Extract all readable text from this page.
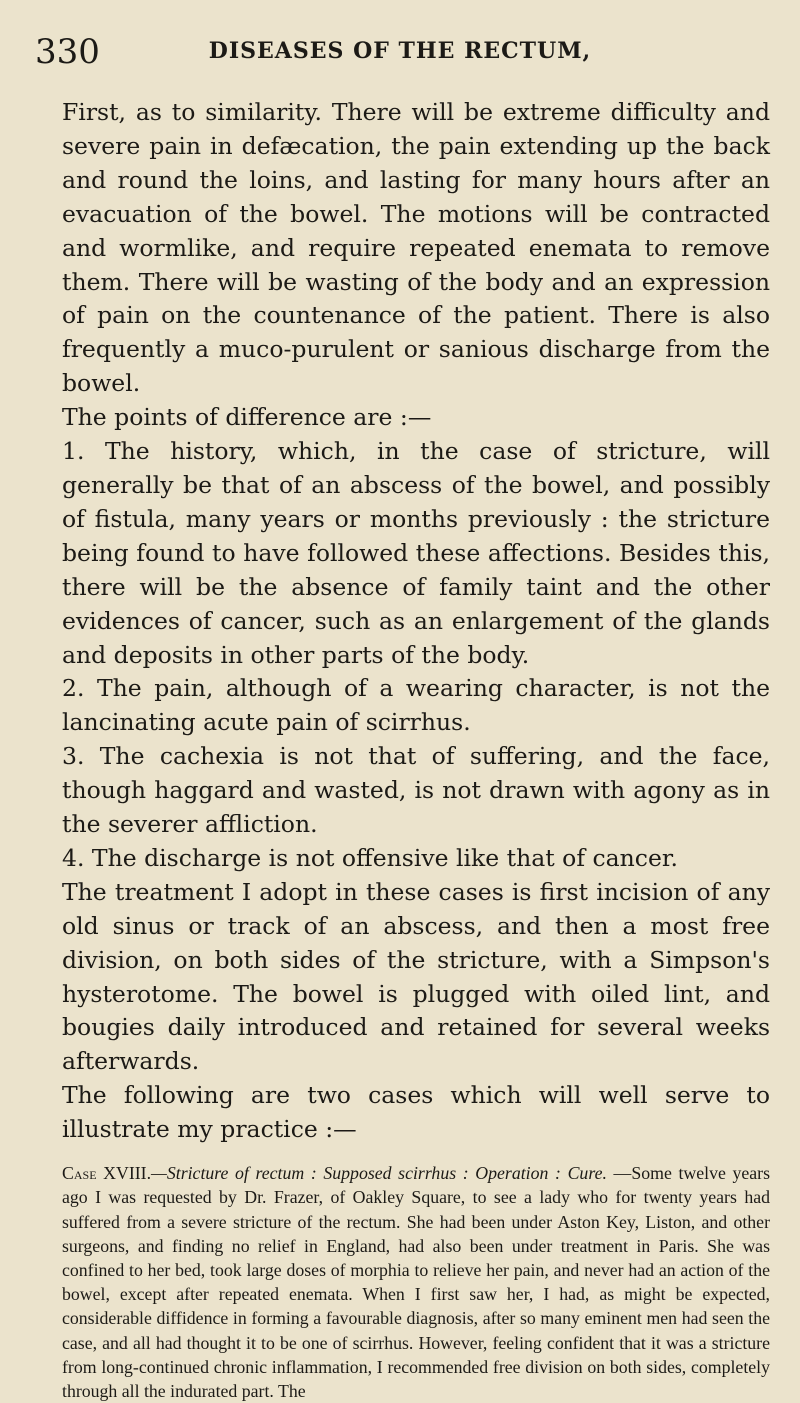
330	DISEASES OF THE RECTUM,

First, as to similarity. There will be extreme difficulty and severe pain in defæcation, the pain extending up the back and round the loins, and lasting for many hours after an evacuation of the bowel. The motions will be contracted and wormlike, and require repeated enemata to remove them. There will be wasting of the body and an expression of pain on the countenance of the patient. There is also frequently a muco-purulent or sanious discharge from the bowel.

The points of difference are :—

1. The history, which, in the case of stricture, will generally be that of an abscess of the bowel, and possibly of fistula, many years or months previously : the stricture being found to have followed these affections. Besides this, there will be the absence of family taint and the other evidences of cancer, such as an enlargement of the glands and deposits in other parts of the body.

2. The pain, although of a wearing character, is not the lancinating acute pain of scirrhus.

3. The cachexia is not that of suffering, and the face, though haggard and wasted, is not drawn with agony as in the severer affliction.

4. The discharge is not offensive like that of cancer.

The treatment I adopt in these cases is first incision of any old sinus or track of an abscess, and then a most free division, on both sides of the stricture, with a Simpson's hysterotome. The bowel is plugged with oiled lint, and bougies daily introduced and retained for several weeks afterwards.

The following are two cases which will well serve to illustrate my practice :—

Case XVIII.—Stricture of rectum : Supposed scirrhus : Operation : Cure. —Some twelve years ago I was requested by Dr. Frazer, of Oakley Square, to see a lady who for twenty years had suffered from a severe stricture of the rectum. She had been under Aston Key, Liston, and other surgeons, and finding no relief in England, had also been under treatment in Paris. She was confined to her bed, took large doses of morphia to relieve her pain, and never had an action of the bowel, except after repeated enemata. When I first saw her, I had, as might be expected, considerable diffidence in forming a favourable diagnosis, after so many eminent men had seen the case, and all had thought it to be one of scirrhus. However, feeling confident that it was a stricture from long-continued chronic inflammation, I recommended free division on both sides, completely through all the indurated part. The
